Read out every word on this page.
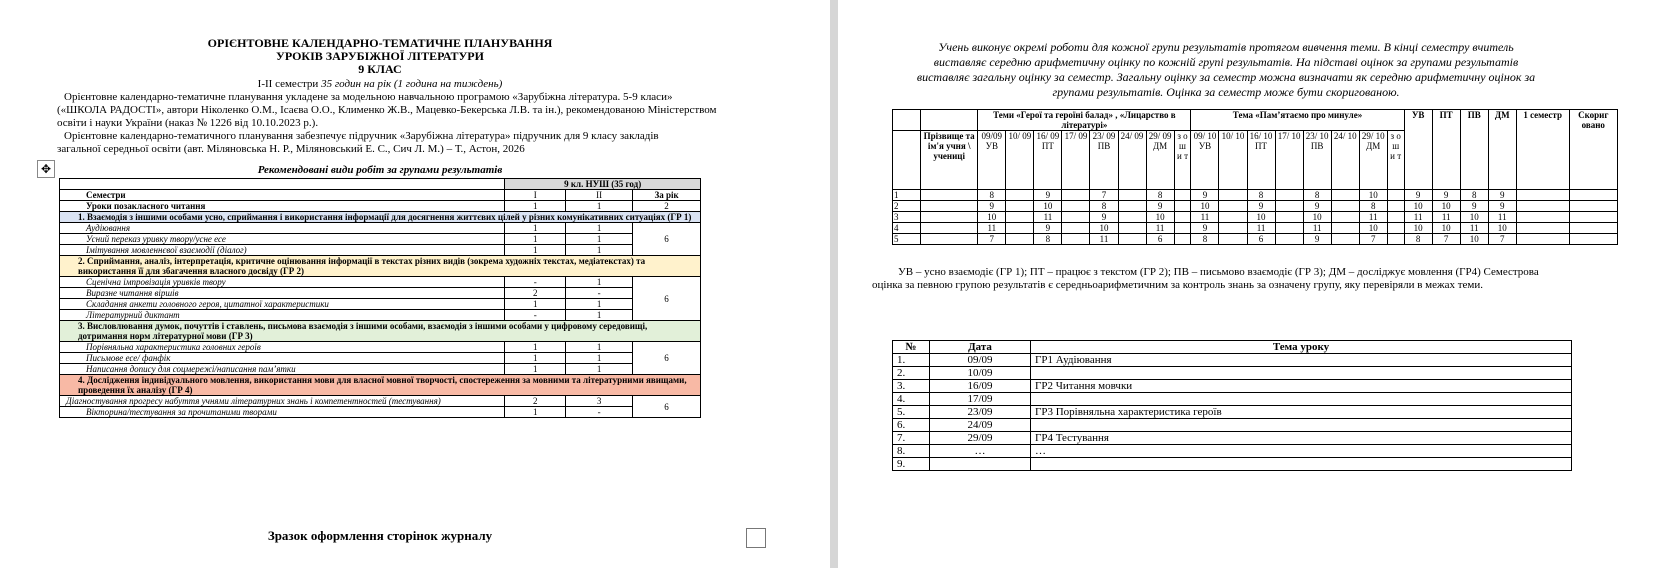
ОРІЄНТОВНЕ КАЛЕНДАРНО-ТЕМАТИЧНЕ ПЛАНУВАННЯ
УРОКІВ ЗАРУБІЖНОЇ ЛІТЕРАТУРИ
9 КЛАС
І-ІІ семестри 35 годин на рік (1 година на тиждень)
Орієнтовне календарно-тематичне планування укладене за модельною навчальною програмою «Зарубіжна література. 5-9 класи»
(«ШКОЛА РАДОСТІ», автори Ніколенко О.М., Ісаєва О.О., Клименко Ж.В., Мацевко-Бекерська Л.В. та ін.), рекомендованою Міністерством
освіти і науки України (наказ № 1226 від 10.10.2023 р.).
Орієнтовне календарно-тематичного планування забезпечує підручник «Зарубіжна література» підручник для 9 класу закладів
загальної середньої освіти (авт. Міляновська Н. Р., Міляновський Е. С., Сич Л. М.) – Т., Астон, 2026
✥	Рекомендовані види робіт за групами результатів
	9 кл. НУШ (35 год)		
Семестри	І	ІІ	За рік
Уроки позакласного читання	1	1	2
1. Взаємодія з іншими особами усно, сприймання і використання інформації для досягнення життєвих цілей у різних комунікативних ситуаціях (ГР 1)			
Аудіювання	1	1	6
Усний переказ уривку твору/усне есе	1	1	
Імітування мовленнєвої взаємодії (діалог)	1	1	
2. Сприймання, аналіз, інтерпретація, критичне оцінювання інформації в текстах різних видів (зокрема художніх текстах, медіатекстах) та використання її для збагачення власного досвіду (ГР 2)			
Сценічна імпровізація уривків твору	-	1	6
Виразне читання віршів	2	-	
Складання анкети головного героя, цитатної характеристики	1	1	
Літературний диктант	-	1	
3. Висловлювання думок, почуттів і ставлень, письмова взаємодія з іншими особами, взаємодія з іншими особами у цифровому середовищі, дотримання норм літературної мови (ГР 3)			
Порівняльна характеристика головних героїв	1	1	6
Письмове есе/ фанфік	1	1	
Написання допису для соцмережі/написання пам’ятки	1	1	
4. Дослідження індивідуального мовлення, використання мови для власної мовної творчості, спостереження за мовними та літературними явищами, проведення їх аналізу (ГР 4)			
Діагностування прогресу набуття учнями літературних знань і компетентностей (тестування)	2	3	6
Вікторина/тестування за прочитаними творами	1	-	
Зразок оформлення сторінок журналу
Учень виконує окремі роботи для кожної групи результатів протягом вивчення теми. В кінці семестру вчитель
виставляє середню арифметичну оцінку по кожній групі результатів. На підставі оцінок за групами результатів
виставляє загальну оцінку за семестр. Загальну оцінку за семестр можна визначати як середню арифметичну оцінок за
групами результатів. Оцінка за семестр може бути скоригованою.
		Теми «Герої та героїні балад» , «Лицарство в літературі»								Тема «Пам’ятаємо про минуле»								УВ	ПТ	ПВ	ДМ	1 семестр	Скориг овано
	Прізвище та ім'я учня \ учениці	09/09 УВ	10/ 09	16/ 09 ПТ	17/ 09	23/ 09 ПВ	24/ 09	29/ 09 ДМ	з о ш и т	09/ 10 УВ	10/ 10	16/ 10 ПТ	17/ 10	23/ 10 ПВ	24/ 10	29/ 10 ДМ	з о ш и т						
1		8		9		7		8		9		8		8		10		9	9	8	9		
2		9		10		8		9		10		9		9		8		10	10	9	9		
3		10		11		9		10		11		10		10		11		11	11	10	11		
4		11		9		10		11		9		11		11		10		10	10	11	10		
5		7		8		11		6		8		6		9		7		8	7	10	7		
УВ – усно взаємодіє (ГР 1); ПТ – працює з текстом (ГР 2); ПВ – письмово взаємодіє (ГР 3); ДМ – досліджує мовлення (ГР4) Семестрова
оцінка за певною групою результатів є середньоарифметичним за контроль знань за означену групу, яку перевіряли в межах теми.
№	Дата	Тема уроку
1.	09/09	ГР1 Аудіювання
2.	10/09	
3.	16/09	ГР2 Читання мовчки
4.	17/09	
5.	23/09	ГР3 Порівняльна характеристика героїв
6.	24/09	
7.	29/09	ГР4 Тестування
8.	…	…
9.		
